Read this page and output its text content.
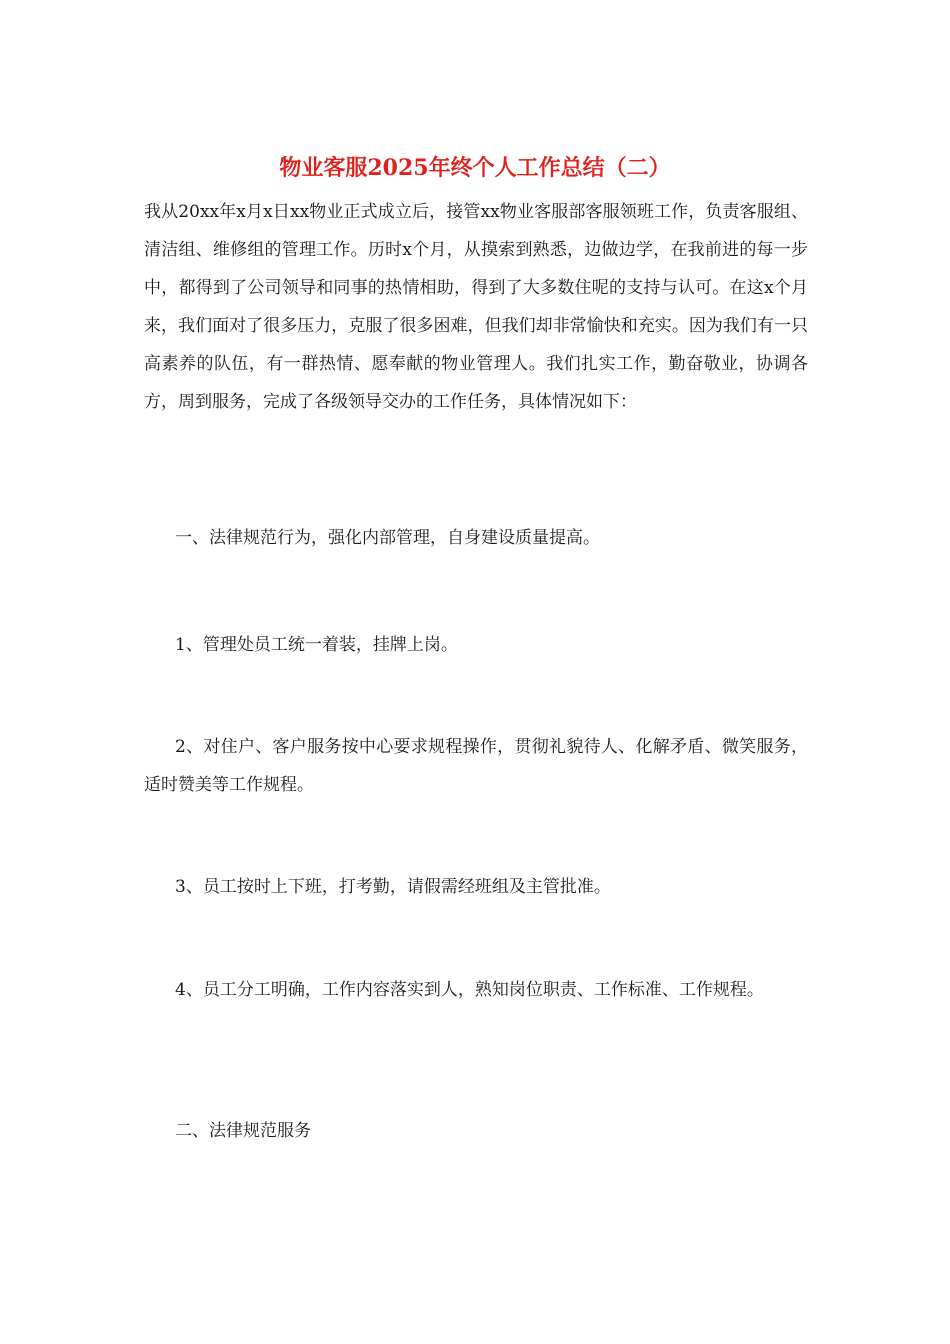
物业客服2025年终个人工作总结（二）
我从20xx年x月x日xx物业正式成立后，接管xx物业客服部客服领班工作，负责客服组、清洁组、维修组的管理工作。历时x个月，从摸索到熟悉，边做边学，在我前进的每一步中，都得到了公司领导和同事的热情相助，得到了大多数住呢的支持与认可。在这x个月来，我们面对了很多压力，克服了很多困难，但我们却非常愉快和充实。因为我们有一只高素养的队伍，有一群热情、愿奉献的物业管理人。我们扎实工作，勤奋敬业，协调各方，周到服务，完成了各级领导交办的工作任务，具体情况如下：
一、法律规范行为，强化内部管理，自身建设质量提高。
1、管理处员工统一着装，挂牌上岗。
2、对住户、客户服务按中心要求规程操作，贯彻礼貌待人、化解矛盾、微笑服务，适时赞美等工作规程。
3、员工按时上下班，打考勤，请假需经班组及主管批准。
4、员工分工明确，工作内容落实到人，熟知岗位职责、工作标准、工作规程。
二、法律规范服务
